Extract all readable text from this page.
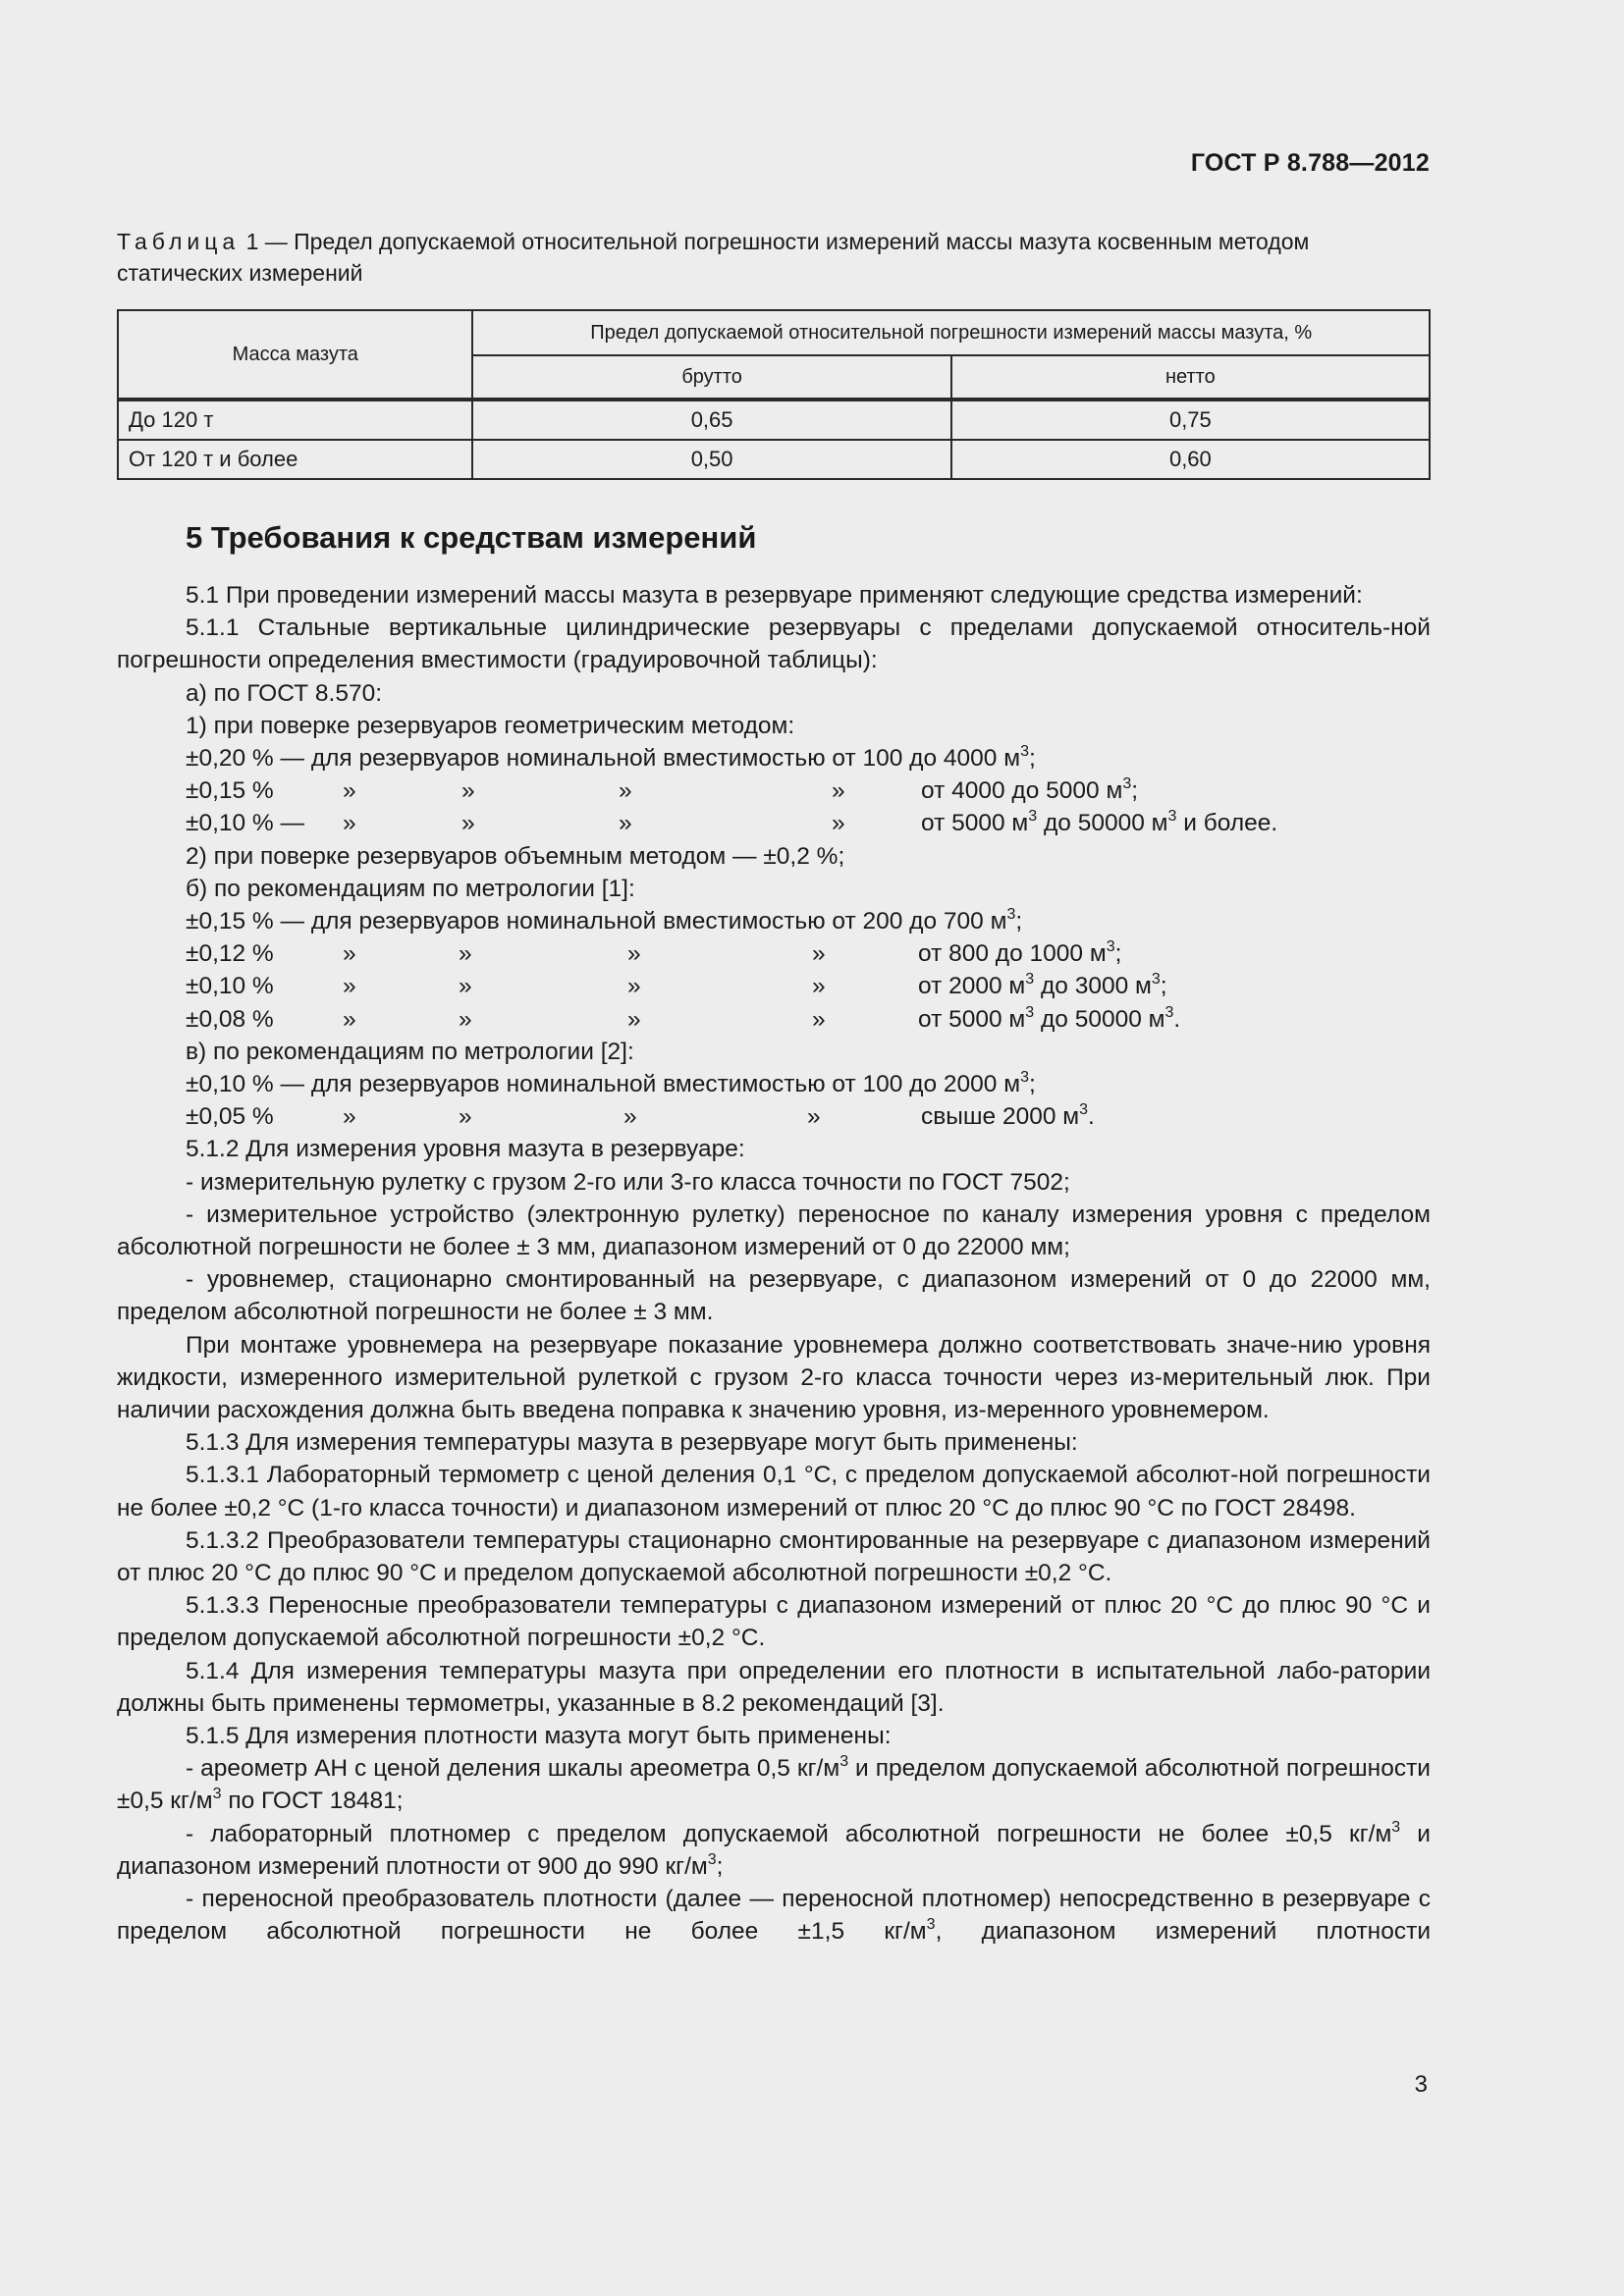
ГОСТ Р 8.788—2012
Таблица 1 — Предел допускаемой относительной погрешности измерений массы мазута косвенным методом статических измерений
Масса мазута	Предел допускаемой относительной погрешности измерений массы мазута, %	
	брутто	нетто
До 120 т	0,65	0,75
От 120 т и более	0,50	0,60
5 Требования к средствам измерений

5.1 При проведении измерений массы мазута в резервуаре применяют следующие средства измерений:

5.1.1 Стальные вертикальные цилиндрические резервуары с пределами допускаемой относитель-ной погрешности определения вместимости (градуировочной таблицы):

а) по ГОСТ 8.570:

1) при поверке резервуаров геометрическим методом:

±0,20 % — для резервуаров номинальной вместимостью от 100 до 4000 $м^3$;

±0,15 %	»	»	»	»	от 4000 до 5000 $м^3$;
±0,10 % — »	»	»	»	от 5000 $м^3$ до 50000 $м^3$ и более.

2) при поверке резервуаров объемным методом — ±0,2 %;

б) по рекомендациям по метрологии [1]:

±0,15 % — для резервуаров номинальной вместимостью от 200 до 700 $м^3$;

±0,12 %	»	»	»	»	от 800 до 1000 $м^3$;
±0,10 %	»	»	»	»	от 2000 $м^3$ до 3000 $м^3$;
±0,08 %	»	»	»	»	от 5000 $м^3$ до 50000 $м^3$.

в) по рекомендациям по метрологии [2]:

±0,10 % — для резервуаров номинальной вместимостью от 100 до 2000 $м^3$;

±0,05 %	»	»	»	»	свыше 2000 $м^3$.

5.1.2 Для измерения уровня мазута в резервуаре:

- измерительную рулетку с грузом 2-го или 3-го класса точности по ГОСТ 7502;

- измерительное устройство (электронную рулетку) переносное по каналу измерения уровня с пределом абсолютной погрешности не более ± 3 мм, диапазоном измерений от 0 до 22000 мм;

- уровнемер, стационарно смонтированный на резервуаре, с диапазоном измерений от 0 до 22000 мм, пределом абсолютной погрешности не более ± 3 мм.

При монтаже уровнемера на резервуаре показание уровнемера должно соответствовать значе-нию уровня жидкости, измеренного измерительной рулеткой с грузом 2-го класса точности через из-мерительный люк. При наличии расхождения должна быть введена поправка к значению уровня, из-меренного уровнемером.

5.1.3 Для измерения температуры мазута в резервуаре могут быть применены:

5.1.3.1 Лабораторный термометр с ценой деления 0,1 °С, с пределом допускаемой абсолют-ной погрешности не более ±0,2 °С (1-го класса точности) и диапазоном измерений от плюс 20 °С до плюс 90 °С по ГОСТ 28498.

5.1.3.2 Преобразователи температуры стационарно смонтированные на резервуаре с диапазоном измерений от плюс 20 °С до плюс 90 °С и пределом допускаемой абсолютной погрешности ±0,2 °С.

5.1.3.3 Переносные преобразователи температуры с диапазоном измерений от плюс 20 °С до плюс 90 °С и пределом допускаемой абсолютной погрешности ±0,2 °С.

5.1.4 Для измерения температуры мазута при определении его плотности в испытательной лабо-ратории должны быть применены термометры, указанные в 8.2 рекомендаций [3].

5.1.5 Для измерения плотности мазута могут быть применены:

- ареометр АН с ценой деления шкалы ареометра 0,5 $кг/м^3$ и пределом допускаемой абсолютной погрешности ±0,5 $кг/м^3$ по ГОСТ 18481;

- лабораторный плотномер с пределом допускаемой абсолютной погрешности не более ±0,5 $кг/м^3$ и диапазоном измерений плотности от 900 до 990 $кг/м^3$;

- переносной преобразователь плотности (далее — переносной плотномер) непосредственно в резервуаре с пределом абсолютной погрешности не более ±1,5 $кг/м^3$, диапазоном измерений плотности

3
